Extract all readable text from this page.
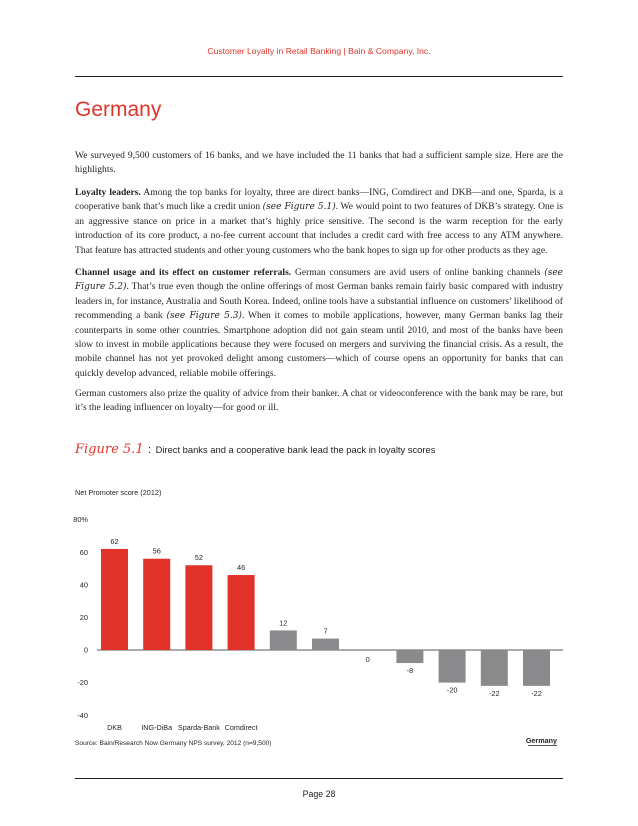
Customer Loyalty in Retail Banking | Bain & Company, Inc.
Germany

We surveyed 9,500 customers of 16 banks, and we have included the 11 banks that had a sufficient sample size. Here are the highlights.

Loyalty leaders. Among the top banks for loyalty, three are direct banks—ING, Comdirect and DKB—and one, Sparda, is a cooperative bank that’s much like a credit union (see Figure 5.1). We would point to two features of DKB’s strategy. One is an aggressive stance on price in a market that’s highly price sensitive. The second is the warm reception for the early introduction of its core product, a no-fee current account that includes a credit card with free access to any ATM anywhere. That feature has attracted students and other young customers who the bank hopes to sign up for other products as they age.

Channel usage and its effect on customer referrals. German consumers are avid users of online banking channels (see Figure 5.2). That’s true even though the online offerings of most German banks remain fairly basic compared with industry leaders in, for instance, Australia and South Korea. Indeed, online tools have a substantial influence on customers’ likelihood of recommending a bank (see Figure 5.3). When it comes to mobile applications, however, many German banks lag their counterparts in some other countries. Smartphone adoption did not gain steam until 2010, and most of the banks have been slow to invest in mobile applications because they were focused on mergers and surviving the financial crisis. As a result, the mobile channel has not yet provoked delight among customers—which of course opens an opportunity for banks that can quickly develop advanced, reliable mobile offerings.

German customers also prize the quality of advice from their banker. A chat or videoconference with the bank may be rare, but it’s the leading influencer on loyalty—for good or ill.

Figure 5.1 : Direct banks and a cooperative bank lead the pack in loyalty scores
Net Promoter score (2012)
80%
60
40
20
0
-20
-40
62
DKB
56
ING-DiBa
52
Sparda-Bank
46
Comdirect
12
7
0
-8
-20	-22	-22
Germany
Source: Bain/Research Now Germany NPS survey, 2012 (n=9,500)
Page 28
